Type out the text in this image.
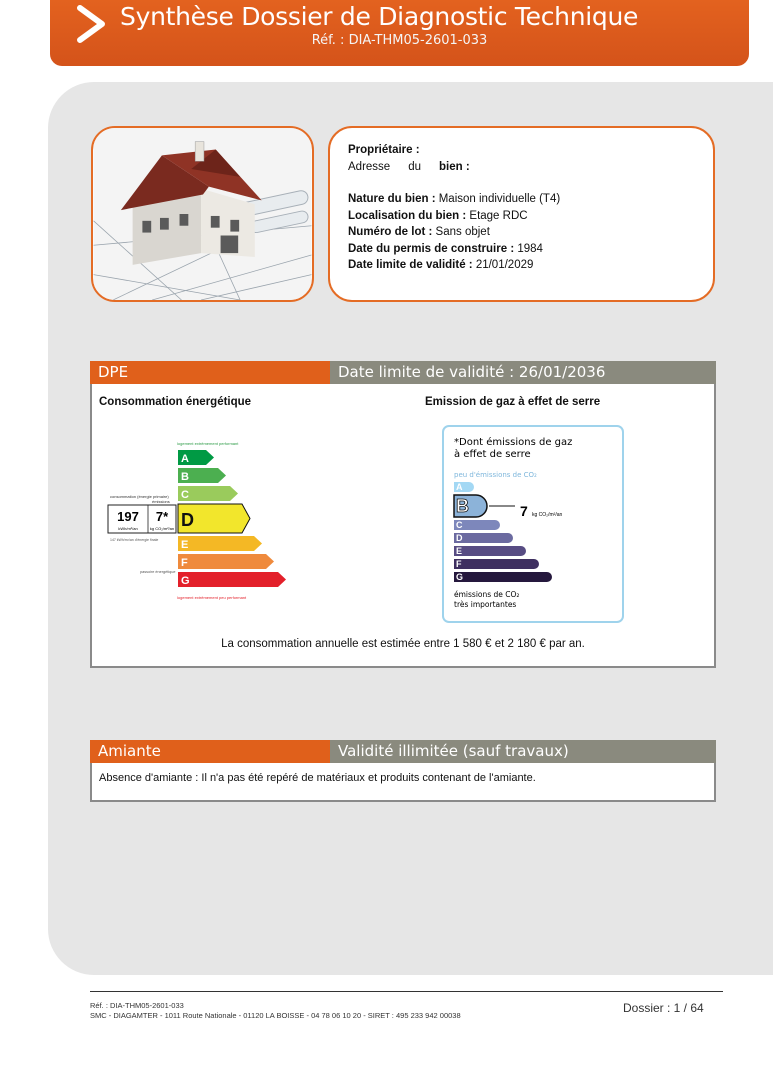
Synthèse Dossier de Diagnostic Technique
Réf. : DIA-THM05-2601-033
Propriétaire :
Adresse du bien :
Nature du bien : Maison individuelle (T4)
Localisation du bien : Etage RDC
Numéro de lot : Sans objet
Date du permis de construire : 1984
Date limite de validité : 21/01/2029
DPE	Date limite de validité : 26/01/2036
Consommation énergétique	Emission de gaz à effet de serre
logement extrêmement performant
A
B
C
D
E
F
G
consommation (énergie primaire)
émissions
197
kWh/m²/an
7*
kg CO₂/m²/an
147 kWh/m²/an d'énergie finale
passoire énergétique
logement extrêmement peu performant
*Dont émissions de gaz
à effet de serre
peu d'émissions de CO₂
A
B
C
D
E
F
G
7 kg CO₂/m²/an
émissions de CO₂
très importantes
La consommation annuelle est estimée entre 1 580 € et 2 180 € par an.
Amiante	Validité illimitée (sauf travaux)
Absence d'amiante : Il n'a pas été repéré de matériaux et produits contenant de l'amiante.
Réf. : DIA-THM05-2601-033
SMC - DIAGAMTER - 1011 Route Nationale - 01120 LA BOISSE - 04 78 06 10 20 - SIRET : 495 233 942 00038
Dossier : 1 / 64
